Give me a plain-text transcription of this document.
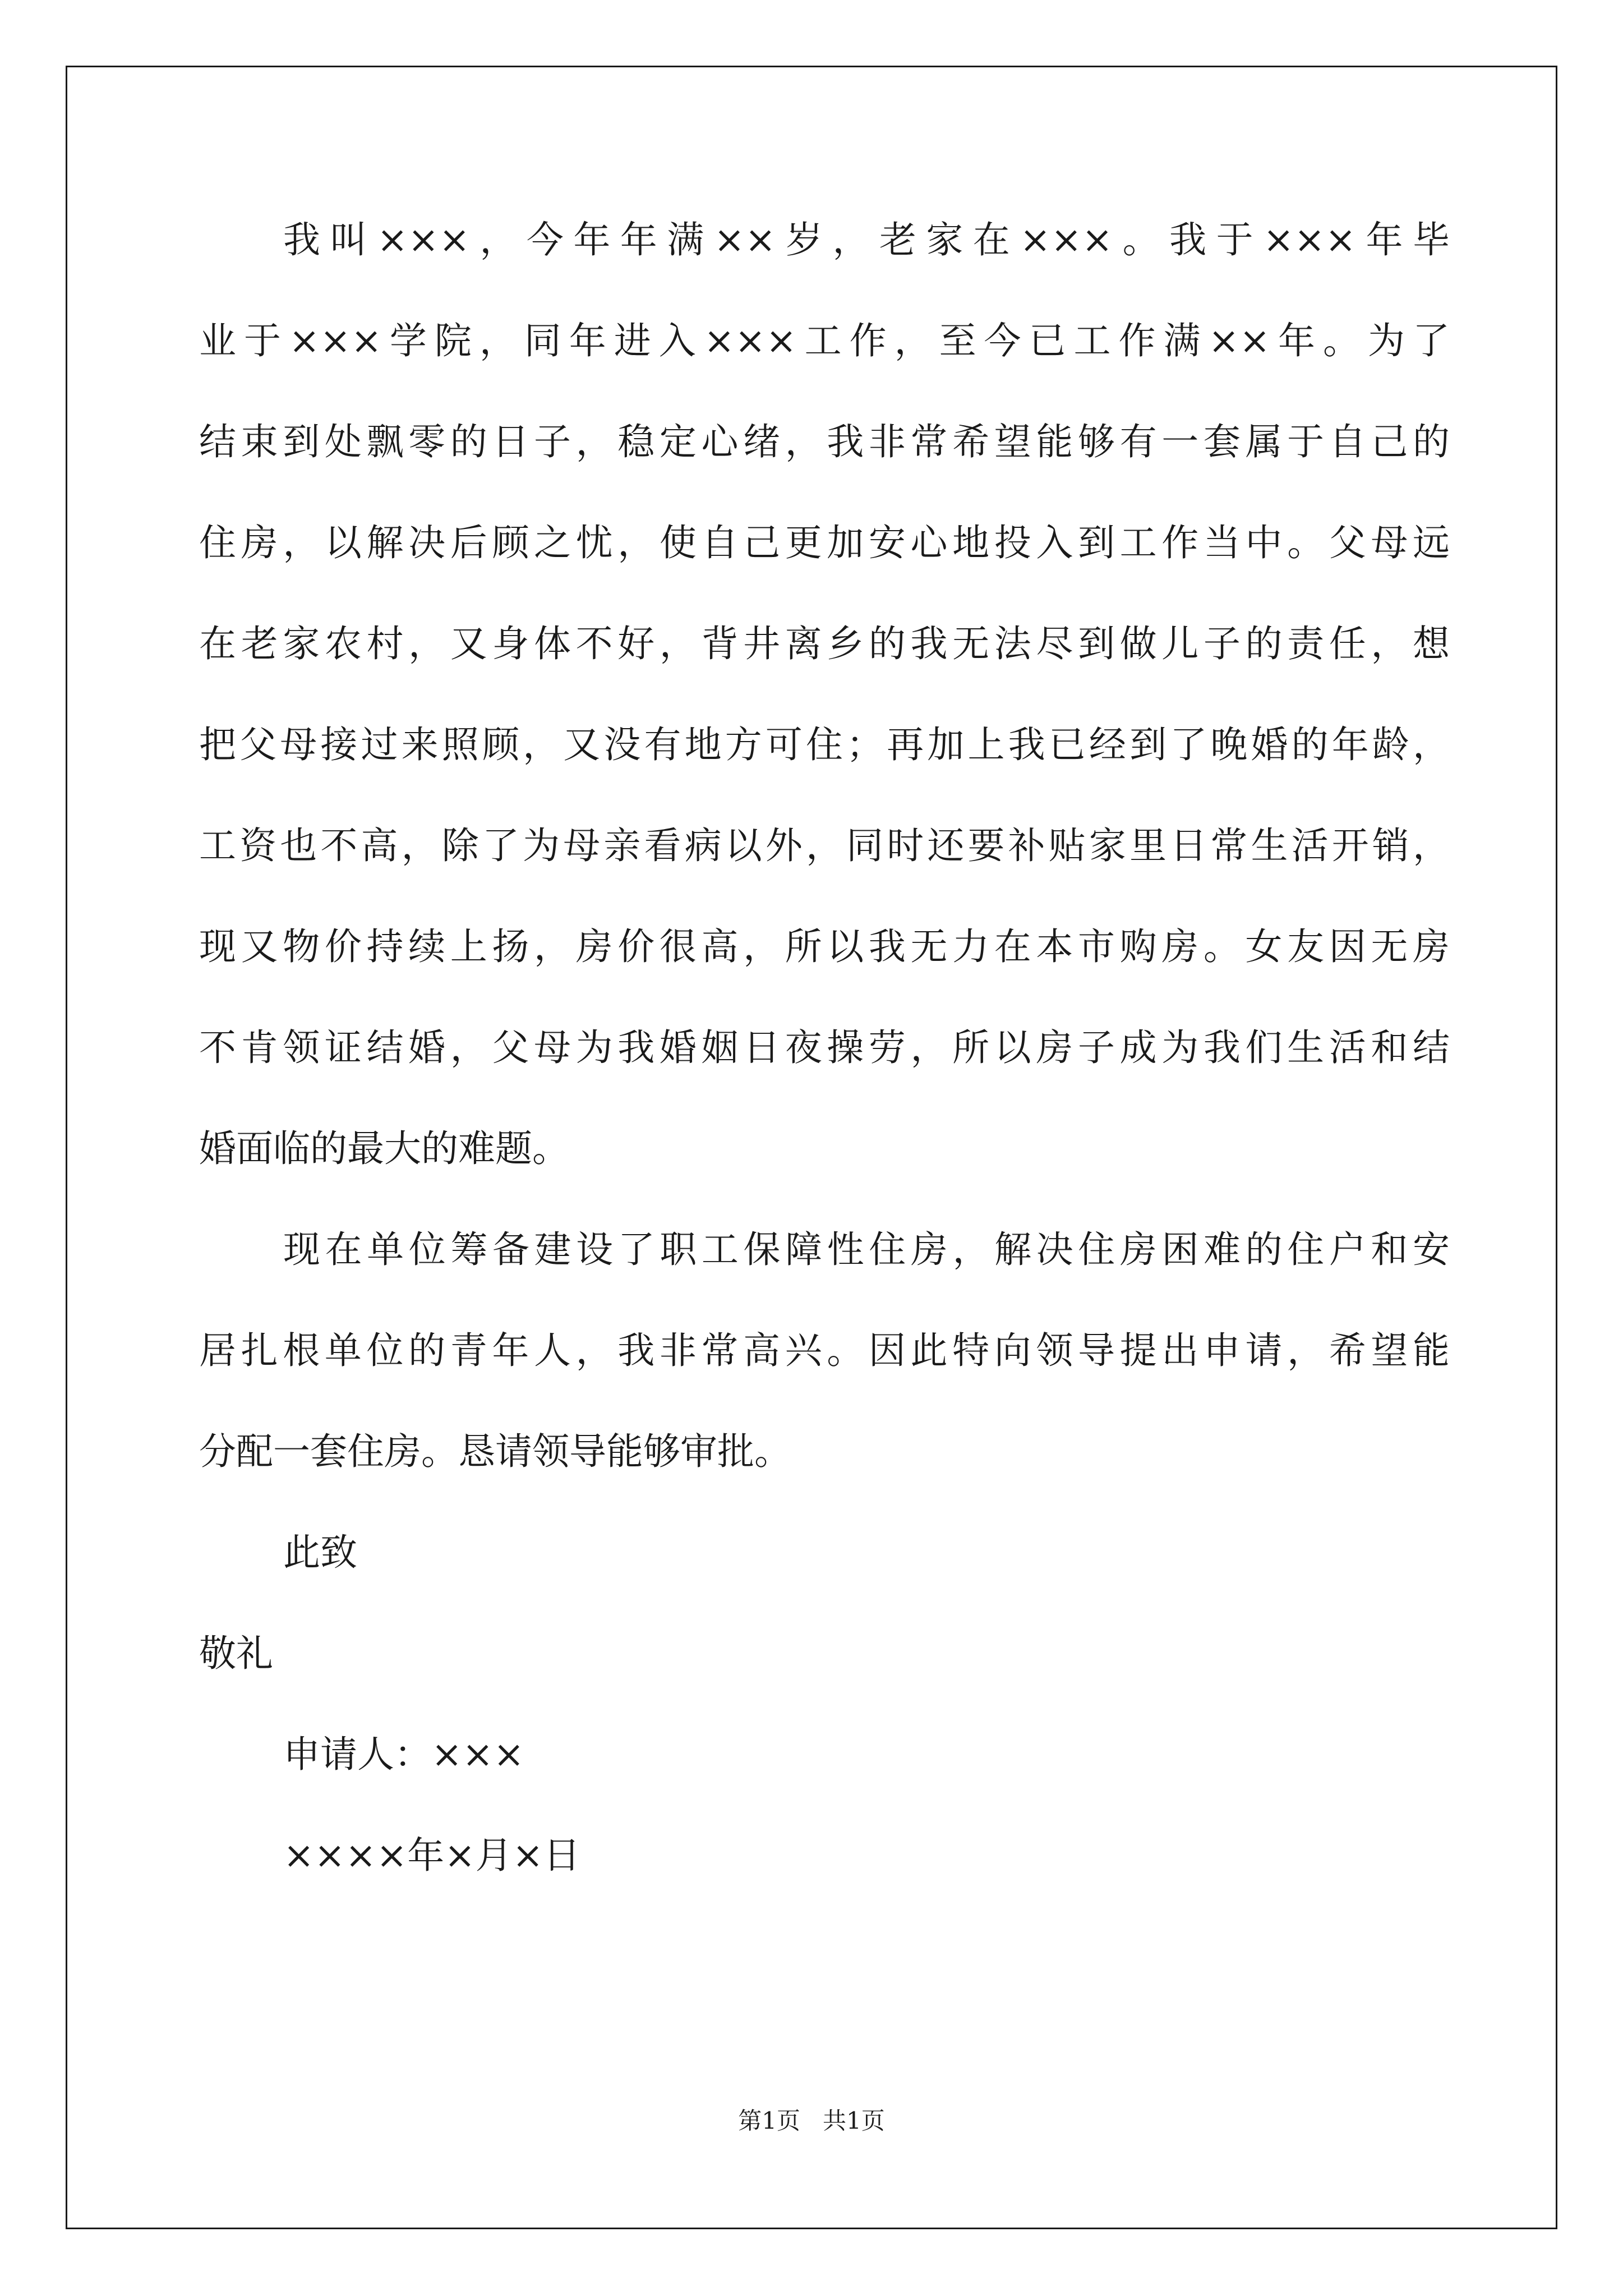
我叫×××，今年年满××岁，老家在×××。我于×××年毕
业于×××学院，同年进入×××工作，至今已工作满××年。为了
结束到处飘零的日子，稳定心绪，我非常希望能够有一套属于自己的
住房，以解决后顾之忧，使自己更加安心地投入到工作当中。父母远
在老家农村，又身体不好，背井离乡的我无法尽到做儿子的责任，想
把父母接过来照顾，又没有地方可住；再加上我已经到了晚婚的年龄，
工资也不高，除了为母亲看病以外，同时还要补贴家里日常生活开销，
现又物价持续上扬，房价很高，所以我无力在本市购房。女友因无房
不肯领证结婚，父母为我婚姻日夜操劳，所以房子成为我们生活和结
婚面临的最大的难题。
现在单位筹备建设了职工保障性住房，解决住房困难的住户和安
居扎根单位的青年人，我非常高兴。因此特向领导提出申请，希望能
分配一套住房。恳请领导能够审批。
此致
敬礼
申请人：×××
××××年×月×日
第1页   共1页
